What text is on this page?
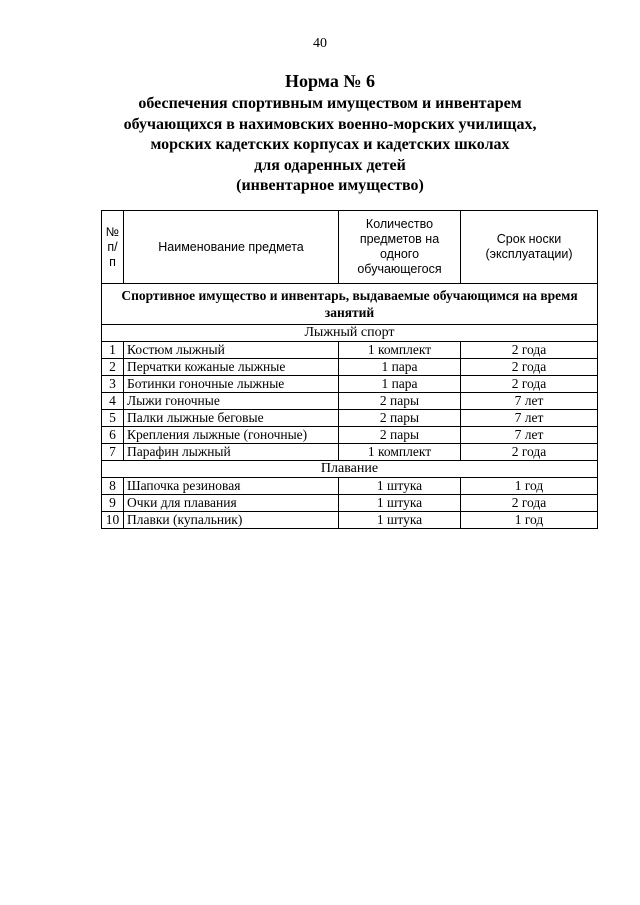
40
Норма № 6
обеспечения спортивным имуществом и инвентарем
обучающихся в нахимовских военно-морских училищах,
морских кадетских корпусах и кадетских школах
для одаренных детей
(инвентарное имущество)
№ п/п	Наименование предмета	Количество предметов на одного обучающегося	Срок носки (эксплуатации)
Спортивное имущество и инвентарь, выдаваемые обучающимся на время занятий			
Лыжный спорт			
1	Костюм лыжный	1 комплект	2 года
2	Перчатки кожаные лыжные	1 пара	2 года
3	Ботинки гоночные лыжные	1 пара	2 года
4	Лыжи гоночные	2 пары	7 лет
5	Палки лыжные беговые	2 пары	7 лет
6	Крепления лыжные (гоночные)	2 пары	7 лет
7	Парафин лыжный	1 комплект	2 года
Плавание			
8	Шапочка резиновая	1 штука	1 год
9	Очки для плавания	1 штука	2 года
10	Плавки (купальник)	1 штука	1 год
